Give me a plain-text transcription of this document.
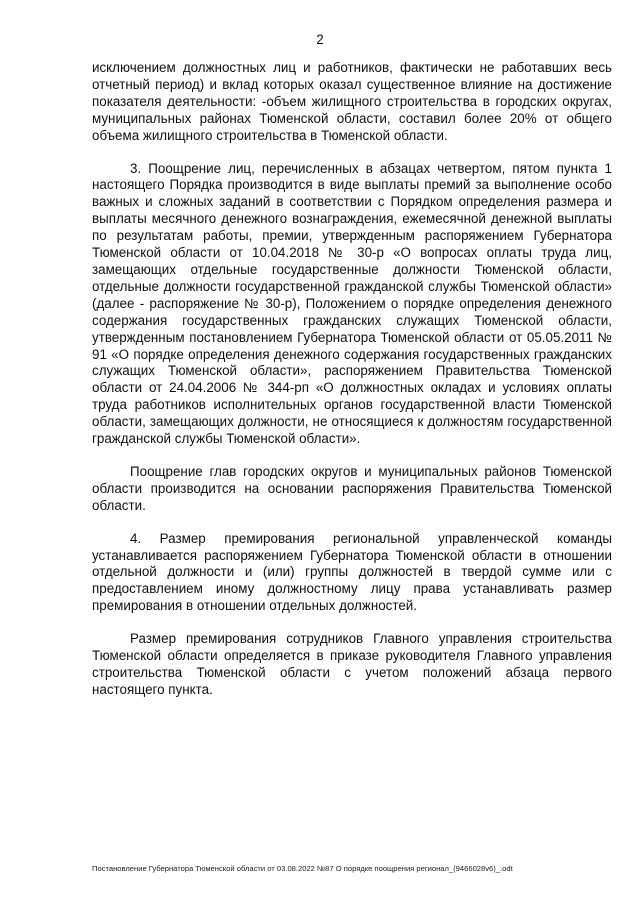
2

исключением должностных лиц и работников, фактически не работавших весь отчетный период) и вклад которых оказал существенное влияние на достижение показателя деятельности: -объем жилищного строительства в городских округах, муниципальных районах Тюменской области, составил более 20% от общего объема жилищного строительства в Тюменской области.

3. Поощрение лиц, перечисленных в абзацах четвертом, пятом пункта 1 настоящего Порядка производится в виде выплаты премий за выполнение особо важных и сложных заданий в соответствии с Порядком определения размера и выплаты месячного денежного вознаграждения, ежемесячной денежной выплаты по результатам работы, премии, утвержденным распоряжением Губернатора Тюменской области от 10.04.2018 № 30-р «О вопросах оплаты труда лиц, замещающих отдельные государственные должности Тюменской области, отдельные должности государственной гражданской службы Тюменской области» (далее - распоряжение № 30-р), Положением о порядке определения денежного содержания государственных гражданских служащих Тюменской области, утвержденным постановлением Губернатора Тюменской области от 05.05.2011 № 91 «О порядке определения денежного содержания государственных гражданских служащих Тюменской области», распоряжением Правительства Тюменской области от 24.04.2006 № 344-рп «О должностных окладах и условиях оплаты труда работников исполнительных органов государственной власти Тюменской области, замещающих должности, не относящиеся к должностям государственной гражданской службы Тюменской области».

Поощрение глав городских округов и муниципальных районов Тюменской области производится на основании распоряжения Правительства Тюменской области.

4. Размер премирования региональной управленческой команды устанавливается распоряжением Губернатора Тюменской области в отношении отдельной должности и (или) группы должностей в твердой сумме или с предоставлением иному должностному лицу права устанавливать размер премирования в отношении отдельных должностей.

Размер премирования сотрудников Главного управления строительства Тюменской области определяется в приказе руководителя Главного управления строительства Тюменской области с учетом положений абзаца первого настоящего пункта.

Постановление Губернатора Тюменской области от 03.08.2022 №87 О порядке поощрения регионал_(9466028v6)_.odt
